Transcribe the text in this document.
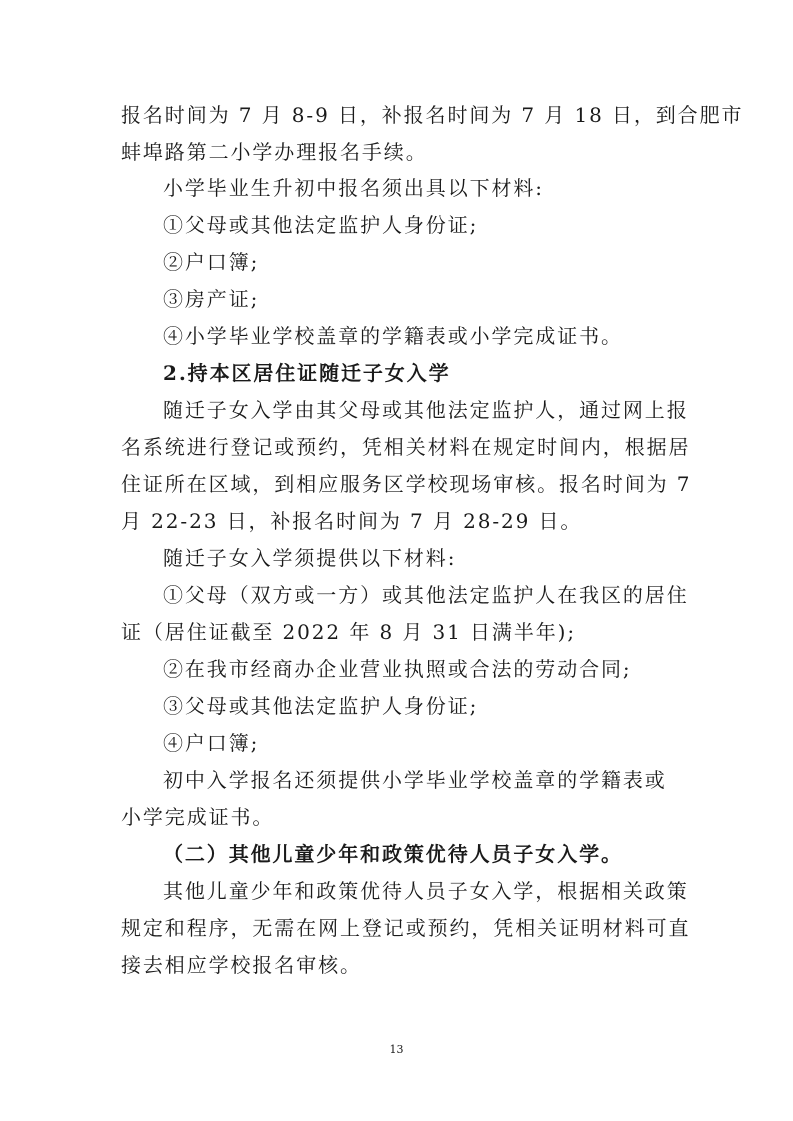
报名时间为 7 月 8-9 日，补报名时间为 7 月 18 日，到合肥市
蚌埠路第二小学办理报名手续。
小学毕业生升初中报名须出具以下材料:
①父母或其他法定监护人身份证;
②户口簿;
③房产证;
④小学毕业学校盖章的学籍表或小学完成证书。
2.持本区居住证随迁子女入学
随迁子女入学由其父母或其他法定监护人，通过网上报
名系统进行登记或预约，凭相关材料在规定时间内，根据居
住证所在区域，到相应服务区学校现场审核。报名时间为 7
月 22-23 日，补报名时间为 7 月 28-29 日。
随迁子女入学须提供以下材料:
①父母（双方或一方）或其他法定监护人在我区的居住
证（居住证截至 2022 年 8 月 31 日满半年);
②在我市经商办企业营业执照或合法的劳动合同;
③父母或其他法定监护人身份证;
④户口簿;
初中入学报名还须提供小学毕业学校盖章的学籍表或
小学完成证书。
（二）其他儿童少年和政策优待人员子女入学。
其他儿童少年和政策优待人员子女入学，根据相关政策
规定和程序，无需在网上登记或预约，凭相关证明材料可直
接去相应学校报名审核。
13
